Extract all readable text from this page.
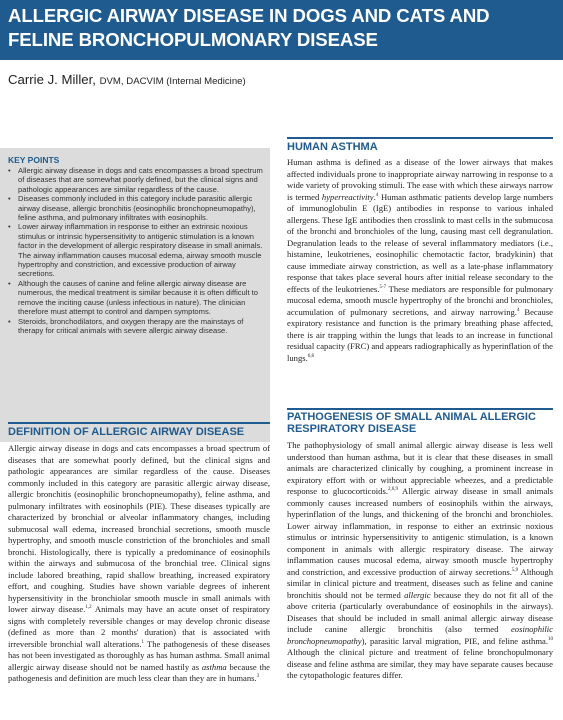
ALLERGIC AIRWAY DISEASE IN DOGS AND CATS AND FELINE BRONCHOPULMONARY DISEASE
Carrie J. Miller, DVM, DACVIM (Internal Medicine)
KEY POINTS
• Allergic airway disease in dogs and cats encompasses a broad spectrum of diseases that are somewhat poorly defined, but the clinical signs and pathologic appearances are similar regardless of the cause.
• Diseases commonly included in this category include parasitic allergic airway disease, allergic bronchitis (eosinophilic bronchopneumopathy), feline asthma, and pulmonary infiltrates with eosinophils.
• Lower airway inflammation in response to either an extrinsic noxious stimulus or intrinsic hypersensitivity to antigenic stimulation is a known factor in the development of allergic respiratory disease in small animals. The airway inflammation causes mucosal edema, airway smooth muscle hypertrophy and constriction, and excessive production of airway secretions.
• Although the causes of canine and feline allergic airway disease are numerous, the medical treatment is similar because it is often difficult to remove the inciting cause (unless infectious in nature). The clinician therefore must attempt to control and dampen symptoms.
• Steroids, bronchodilators, and oxygen therapy are the mainstays of therapy for critical animals with severe allergic airway disease.
DEFINITION OF ALLERGIC AIRWAY DISEASE

Allergic airway disease in dogs and cats encompasses a broad spectrum of diseases that are somewhat poorly defined, but the clinical signs and pathologic appearances are similar regardless of the cause. Diseases commonly included in this category are parasitic allergic airway disease, allergic bronchitis (eosinophilic bronchopneumopathy), feline asthma, and pulmonary infiltrates with eosinophils (PIE). These diseases typically are characterized by bronchial or alveolar inflammatory changes, including submucosal wall edema, increased bronchial secretions, smooth muscle hypertrophy, and smooth muscle constriction of the bronchioles and small bronchi. Histologically, there is typically a predominance of eosinophils within the airways and submucosa of the bronchial tree. Clinical signs include labored breathing, rapid shallow breathing, increased expiratory effort, and coughing. Studies have shown variable degrees of inherent hypersensitivity in the bronchiolar smooth muscle in small animals with lower airway disease.$^{1,2}$ Animals may have an acute onset of respiratory signs with completely reversible changes or may develop chronic disease (defined as more than 2 months' duration) that is associated with irreversible bronchial wall alterations.$^1$ The pathogenesis of these diseases has not been investigated as thoroughly as has human asthma. Small animal allergic airway disease should not be named hastily as asthma because the pathogenesis and definition are much less clear than they are in humans.$^3$

HUMAN ASTHMA

Human asthma is defined as a disease of the lower airways that makes affected individuals prone to inappropriate airway narrowing in response to a wide variety of provoking stimuli. The ease with which these airways narrow is termed hyperreactivity.$^4$ Human asthmatic patients develop large numbers of immunoglobulin E (IgE) antibodies in response to various inhaled allergens. These IgE antibodies then crosslink to mast cells in the submucosa of the bronchi and bronchioles of the lung, causing mast cell degranulation. Degranulation leads to the release of several inflammatory mediators (i.e., histamine, leukotrienes, eosinophilic chemotactic factor, bradykinin) that cause immediate airway constriction, as well as a late-phase inflammatory response that takes place several hours after initial release secondary to the effects of the leukotrienes.$^{5-7}$ These mediators are responsible for pulmonary mucosal edema, smooth muscle hypertrophy of the bronchi and bronchioles, accumulation of pulmonary secretions, and airway narrowing.$^4$ Because expiratory resistance and function is the primary breathing phase affected, there is air trapping within the lungs that leads to an increase in functional residual capacity (FRC) and appears radiographically as hyperinflation of the lungs.$^{6,8}$

PATHOGENESIS OF SMALL ANIMAL ALLERGIC RESPIRATORY DISEASE

The pathophysiology of small animal allergic airway disease is less well understood than human asthma, but it is clear that these diseases in small animals are characterized clinically by coughing, a prominent increase in expiratory effort with or without appreciable wheezes, and a predictable response to glucocorticoids.$^{2,6,9}$ Allergic airway disease in small animals commonly causes increased numbers of eosinophils within the airways, hyperinflation of the lungs, and thickening of the bronchi and bronchioles. Lower airway inflammation, in response to either an extrinsic noxious stimulus or intrinsic hypersensitivity to antigenic stimulation, is a known component in animals with allergic respiratory disease. The airway inflammation causes mucosal edema, airway smooth muscle hypertrophy and constriction, and excessive production of airway secretions.$^{5,9}$ Although similar in clinical picture and treatment, diseases such as feline and canine bronchitis should not be termed allergic because they do not fit all of the above criteria (particularly overabundance of eosinophils in the airways). Diseases that should be included in small animal allergic airway disease include canine allergic bronchitis (also termed eosinophilic bronchopneumopathy), parasitic larval migration, PIE, and feline asthma.$^{10}$ Although the clinical picture and treatment of feline bronchopulmonary disease and feline asthma are similar, they may have separate causes because the cytopathologic features differ.
